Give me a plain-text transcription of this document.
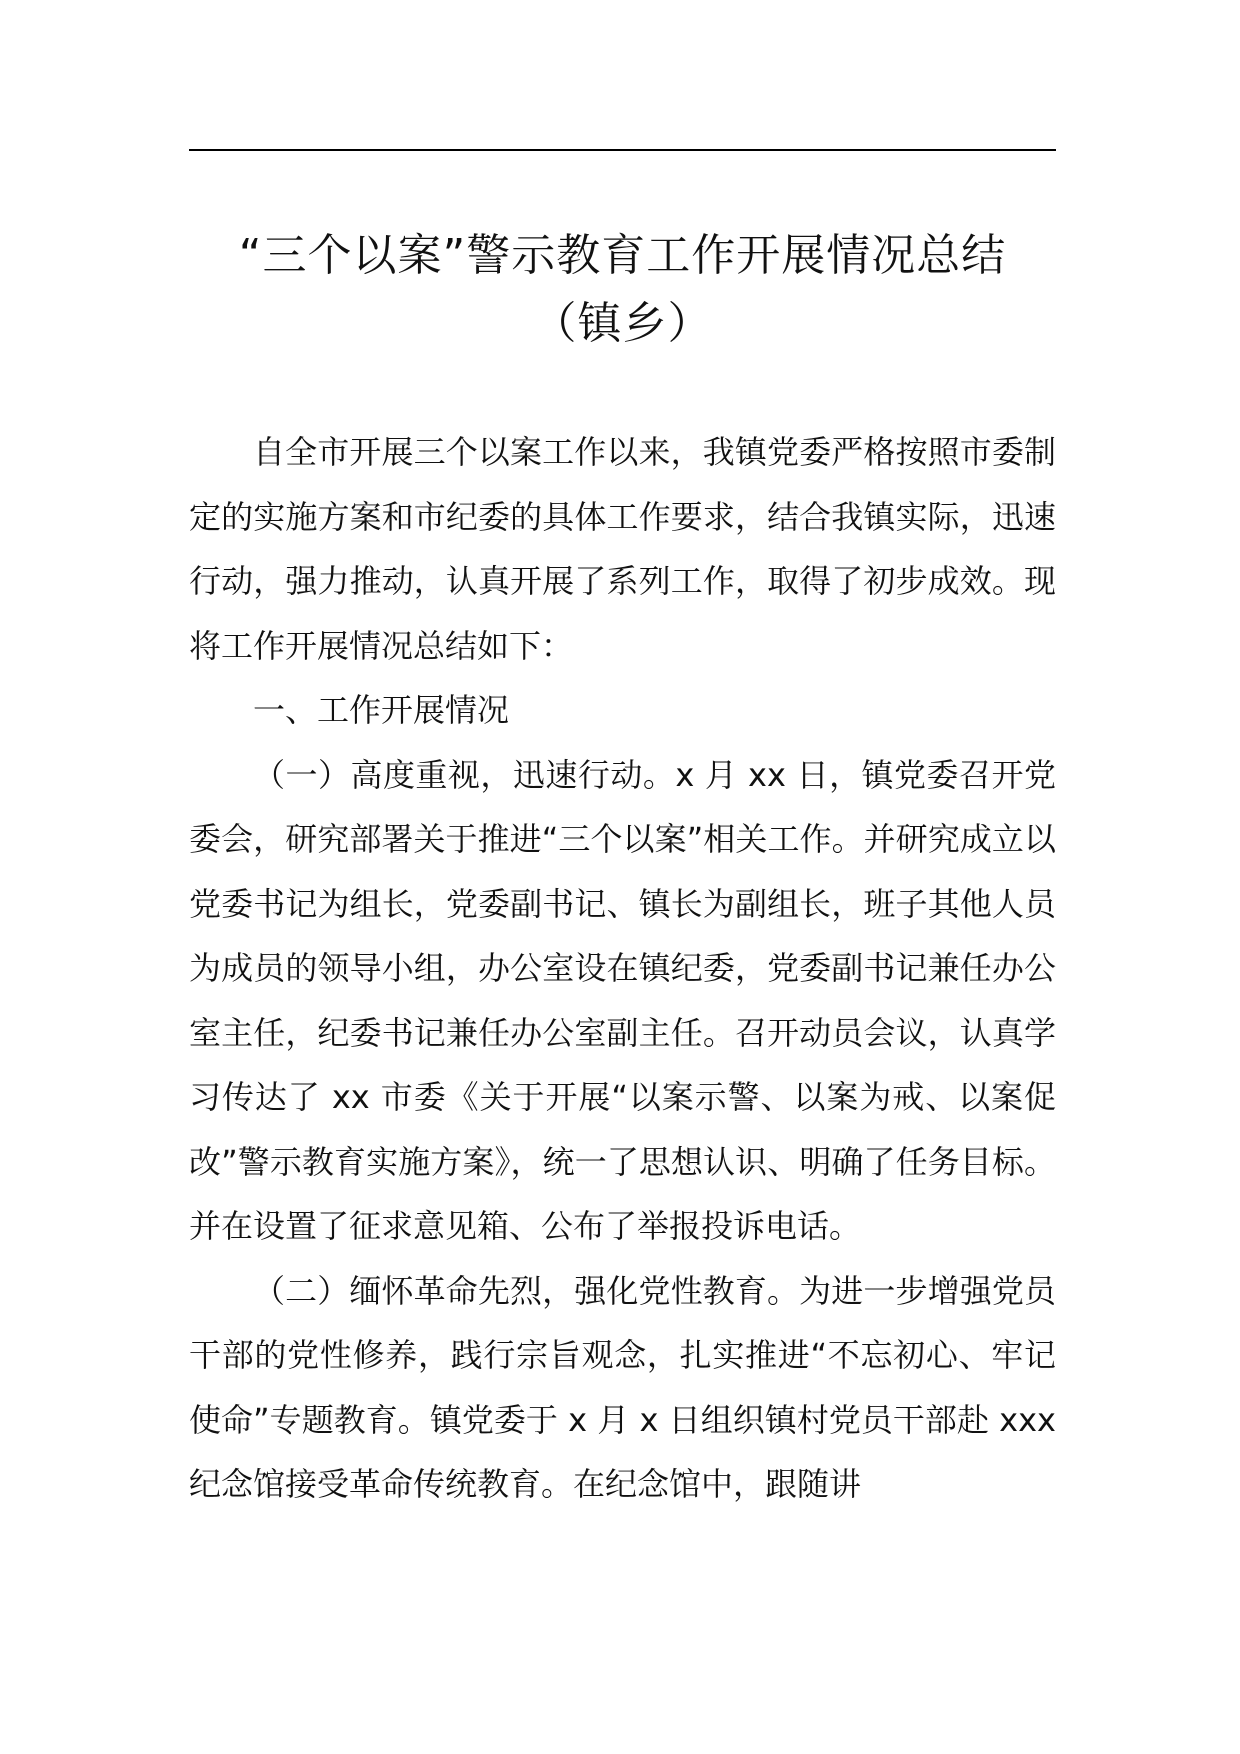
“三个以案”警示教育工作开展情况总结
（镇乡）

自全市开展三个以案工作以来，我镇党委严格按照市委制定的实施方案和市纪委的具体工作要求，结合我镇实际，迅速行动，强力推动，认真开展了系列工作，取得了初步成效。现将工作开展情况总结如下：

一、工作开展情况

（一）高度重视，迅速行动。x 月 xx 日，镇党委召开党委会，研究部署关于推进“三个以案”相关工作。并研究成立以党委书记为组长，党委副书记、镇长为副组长，班子其他人员为成员的领导小组，办公室设在镇纪委，党委副书记兼任办公室主任，纪委书记兼任办公室副主任。召开动员会议，认真学习传达了 xx 市委《关于开展“以案示警、以案为戒、以案促改”警示教育实施方案》，统一了思想认识、明确了任务目标。并在设置了征求意见箱、公布了举报投诉电话。

（二）缅怀革命先烈，强化党性教育。为进一步增强党员干部的党性修养，践行宗旨观念，扎实推进“不忘初心、牢记使命”专题教育。镇党委于 x 月 x 日组织镇村党员干部赴 xxx 纪念馆接受革命传统教育。在纪念馆中，跟随讲
